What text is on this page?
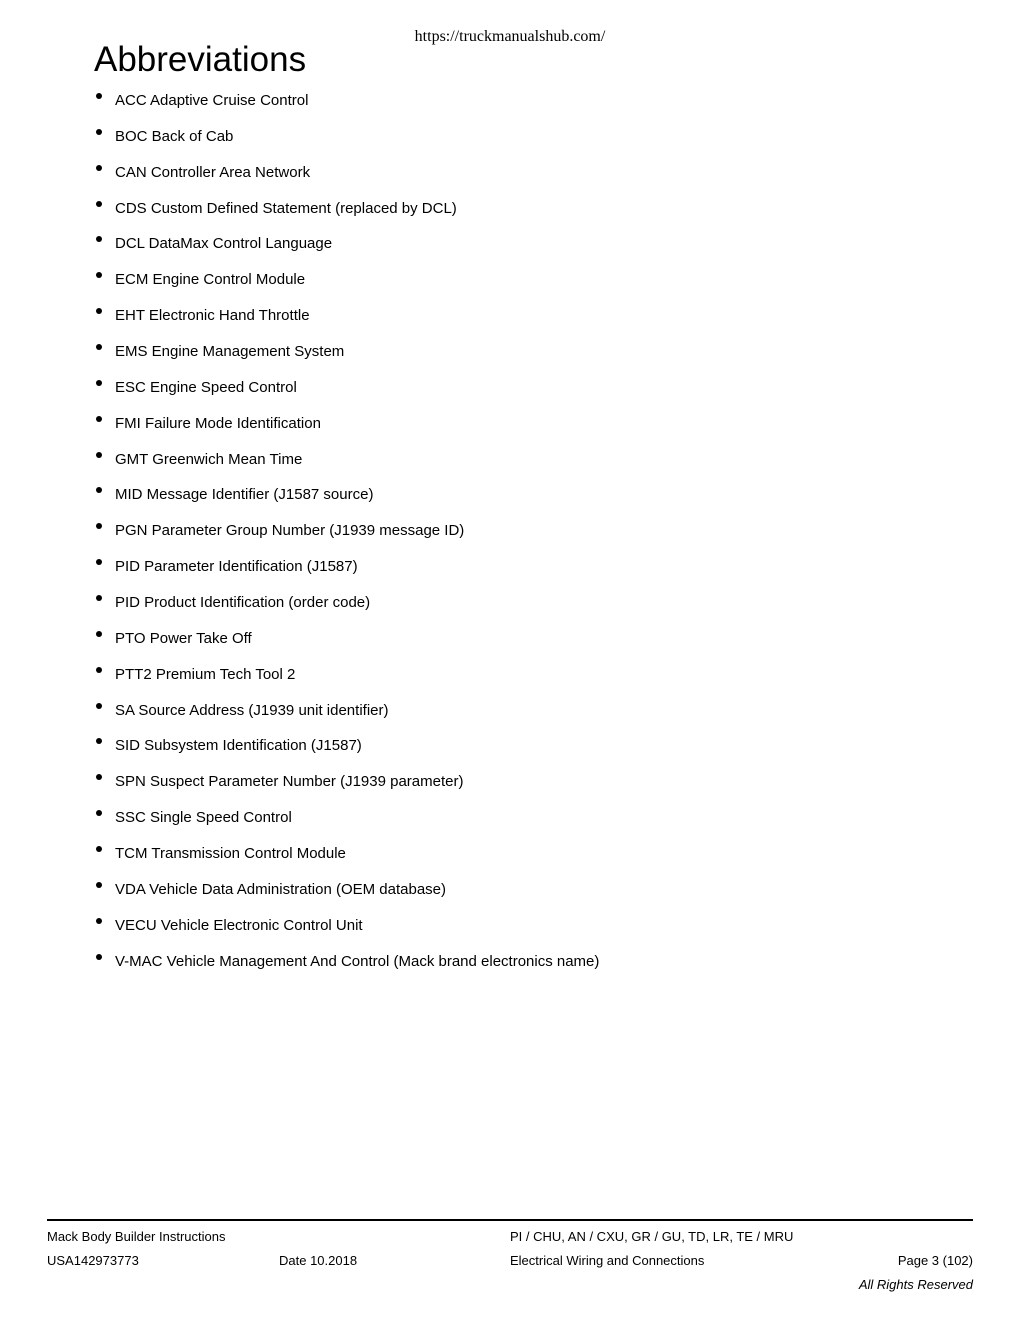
https://truckmanualshub.com/
Abbreviations
ACC Adaptive Cruise Control
BOC Back of Cab
CAN Controller Area Network
CDS Custom Defined Statement (replaced by DCL)
DCL DataMax Control Language
ECM Engine Control Module
EHT Electronic Hand Throttle
EMS Engine Management System
ESC Engine Speed Control
FMI Failure Mode Identification
GMT Greenwich Mean Time
MID Message Identifier (J1587 source)
PGN Parameter Group Number (J1939 message ID)
PID Parameter Identification (J1587)
PID Product Identification (order code)
PTO Power Take Off
PTT2 Premium Tech Tool 2
SA Source Address (J1939 unit identifier)
SID Subsystem Identification (J1587)
SPN Suspect Parameter Number (J1939 parameter)
SSC Single Speed Control
TCM Transmission Control Module
VDA Vehicle Data Administration (OEM database)
VECU Vehicle Electronic Control Unit
V-MAC Vehicle Management And Control (Mack brand electronics name)
Mack Body Builder Instructions	PI / CHU, AN / CXU, GR / GU, TD, LR, TE / MRU
USA142973773	Date 10.2018	Electrical Wiring and Connections	Page 3 (102)
All Rights Reserved
